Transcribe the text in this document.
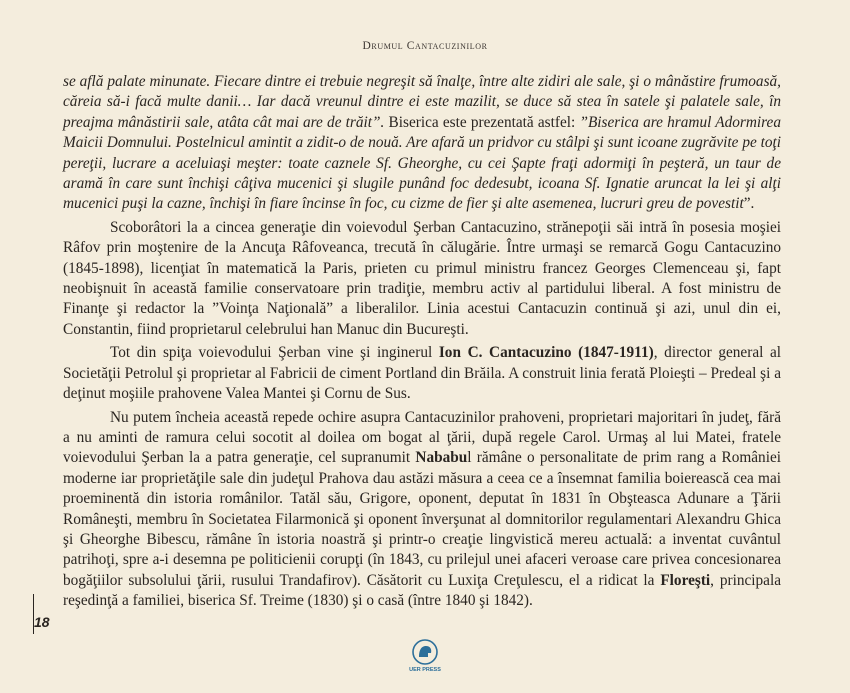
Drumul Cantacuzinilor

se află palate minunate. Fiecare dintre ei trebuie negreşit să înalţe, între alte zidiri ale sale, şi o mânăstire frumoasă, căreia să-i facă multe danii… Iar dacă vreunul dintre ei este mazilit, se duce să stea în satele şi palatele sale, în preajma mânăstirii sale, atâta cât mai are de trăit”. Biserica este prezentată astfel: ”Biserica are hramul Adormirea Maicii Domnului. Postelnicul amintit a zidit-o de nouă. Are afară un pridvor cu stâlpi şi sunt icoane zugrăvite pe toţi pereţii, lucrare a aceluiaşi meşter: toate caznele Sf. Gheorghe, cu cei Şapte fraţi adormiţi în peşteră, un taur de aramă în care sunt închişi câţiva mucenici şi slugile punând foc dedesubt, icoana Sf. Ignatie aruncat la lei şi alţi mucenici puşi la cazne, închişi în fiare încinse în foc, cu cizme de fier şi alte asemenea, lucruri greu de povestit”.

Scoborâtori la a cincea generaţie din voievodul Şerban Cantacuzino, strănepoţii săi intră în posesia moşiei Râfov prin moştenire de la Ancuţa Râfoveanca, trecută în călugărie. Între urmaşi se remarcă Gogu Cantacuzino (1845-1898), licenţiat în matematică la Paris, prieten cu primul ministru francez Georges Clemenceau şi, fapt neobişnuit în această familie conservatoare prin tradiţie, membru activ al partidului liberal. A fost ministru de Finanţe şi redactor la ”Voinţa Naţională” a liberalilor. Linia acestui Cantacuzin continuă şi azi, unul din ei, Constantin, fiind proprietarul celebrului han Manuc din Bucureşti.

Tot din spiţa voievodului Şerban vine şi inginerul Ion C. Cantacuzino (1847-1911), director general al Societăţii Petrolul şi proprietar al Fabricii de ciment Portland din Brăila. A construit linia ferată Ploieşti – Predeal şi a deţinut moşiile prahovene Valea Mantei şi Cornu de Sus.

Nu putem încheia această repede ochire asupra Cantacuzinilor prahoveni, proprietari majoritari în judeţ, fără a nu aminti de ramura celui socotit al doilea om bogat al ţării, după regele Carol. Urmaş al lui Matei, fratele voievodului Şerban la a patra generaţie, cel supranumit Nababul rămâne o personalitate de prim rang a României moderne iar proprietăţile sale din judeţul Prahova dau astăzi măsura a ceea ce a însemnat familia boierească cea mai proeminentă din istoria românilor. Tatăl său, Grigore, oponent, deputat în 1831 în Obşteasca Adunare a Ţării Româneşti, membru în Societatea Filarmonică şi oponent înverşunat al domnitorilor regulamentari Alexandru Ghica şi Gheorghe Bibescu, rămâne în istoria noastră şi printr-o creaţie lingvistică mereu actuală: a inventat cuvântul patrihoţi, spre a-i desemna pe politicienii corupţi (în 1843, cu prilejul unei afaceri veroase care privea concesionarea bogăţiilor subsolului ţării, rusului Trandafirov). Căsătorit cu Luxiţa Creţulescu, el a ridicat la Floreşti, principala reşedinţă a familiei, biserica Sf. Treime (1830) şi o casă (între 1840 şi 1842).

18
UER PRESS
